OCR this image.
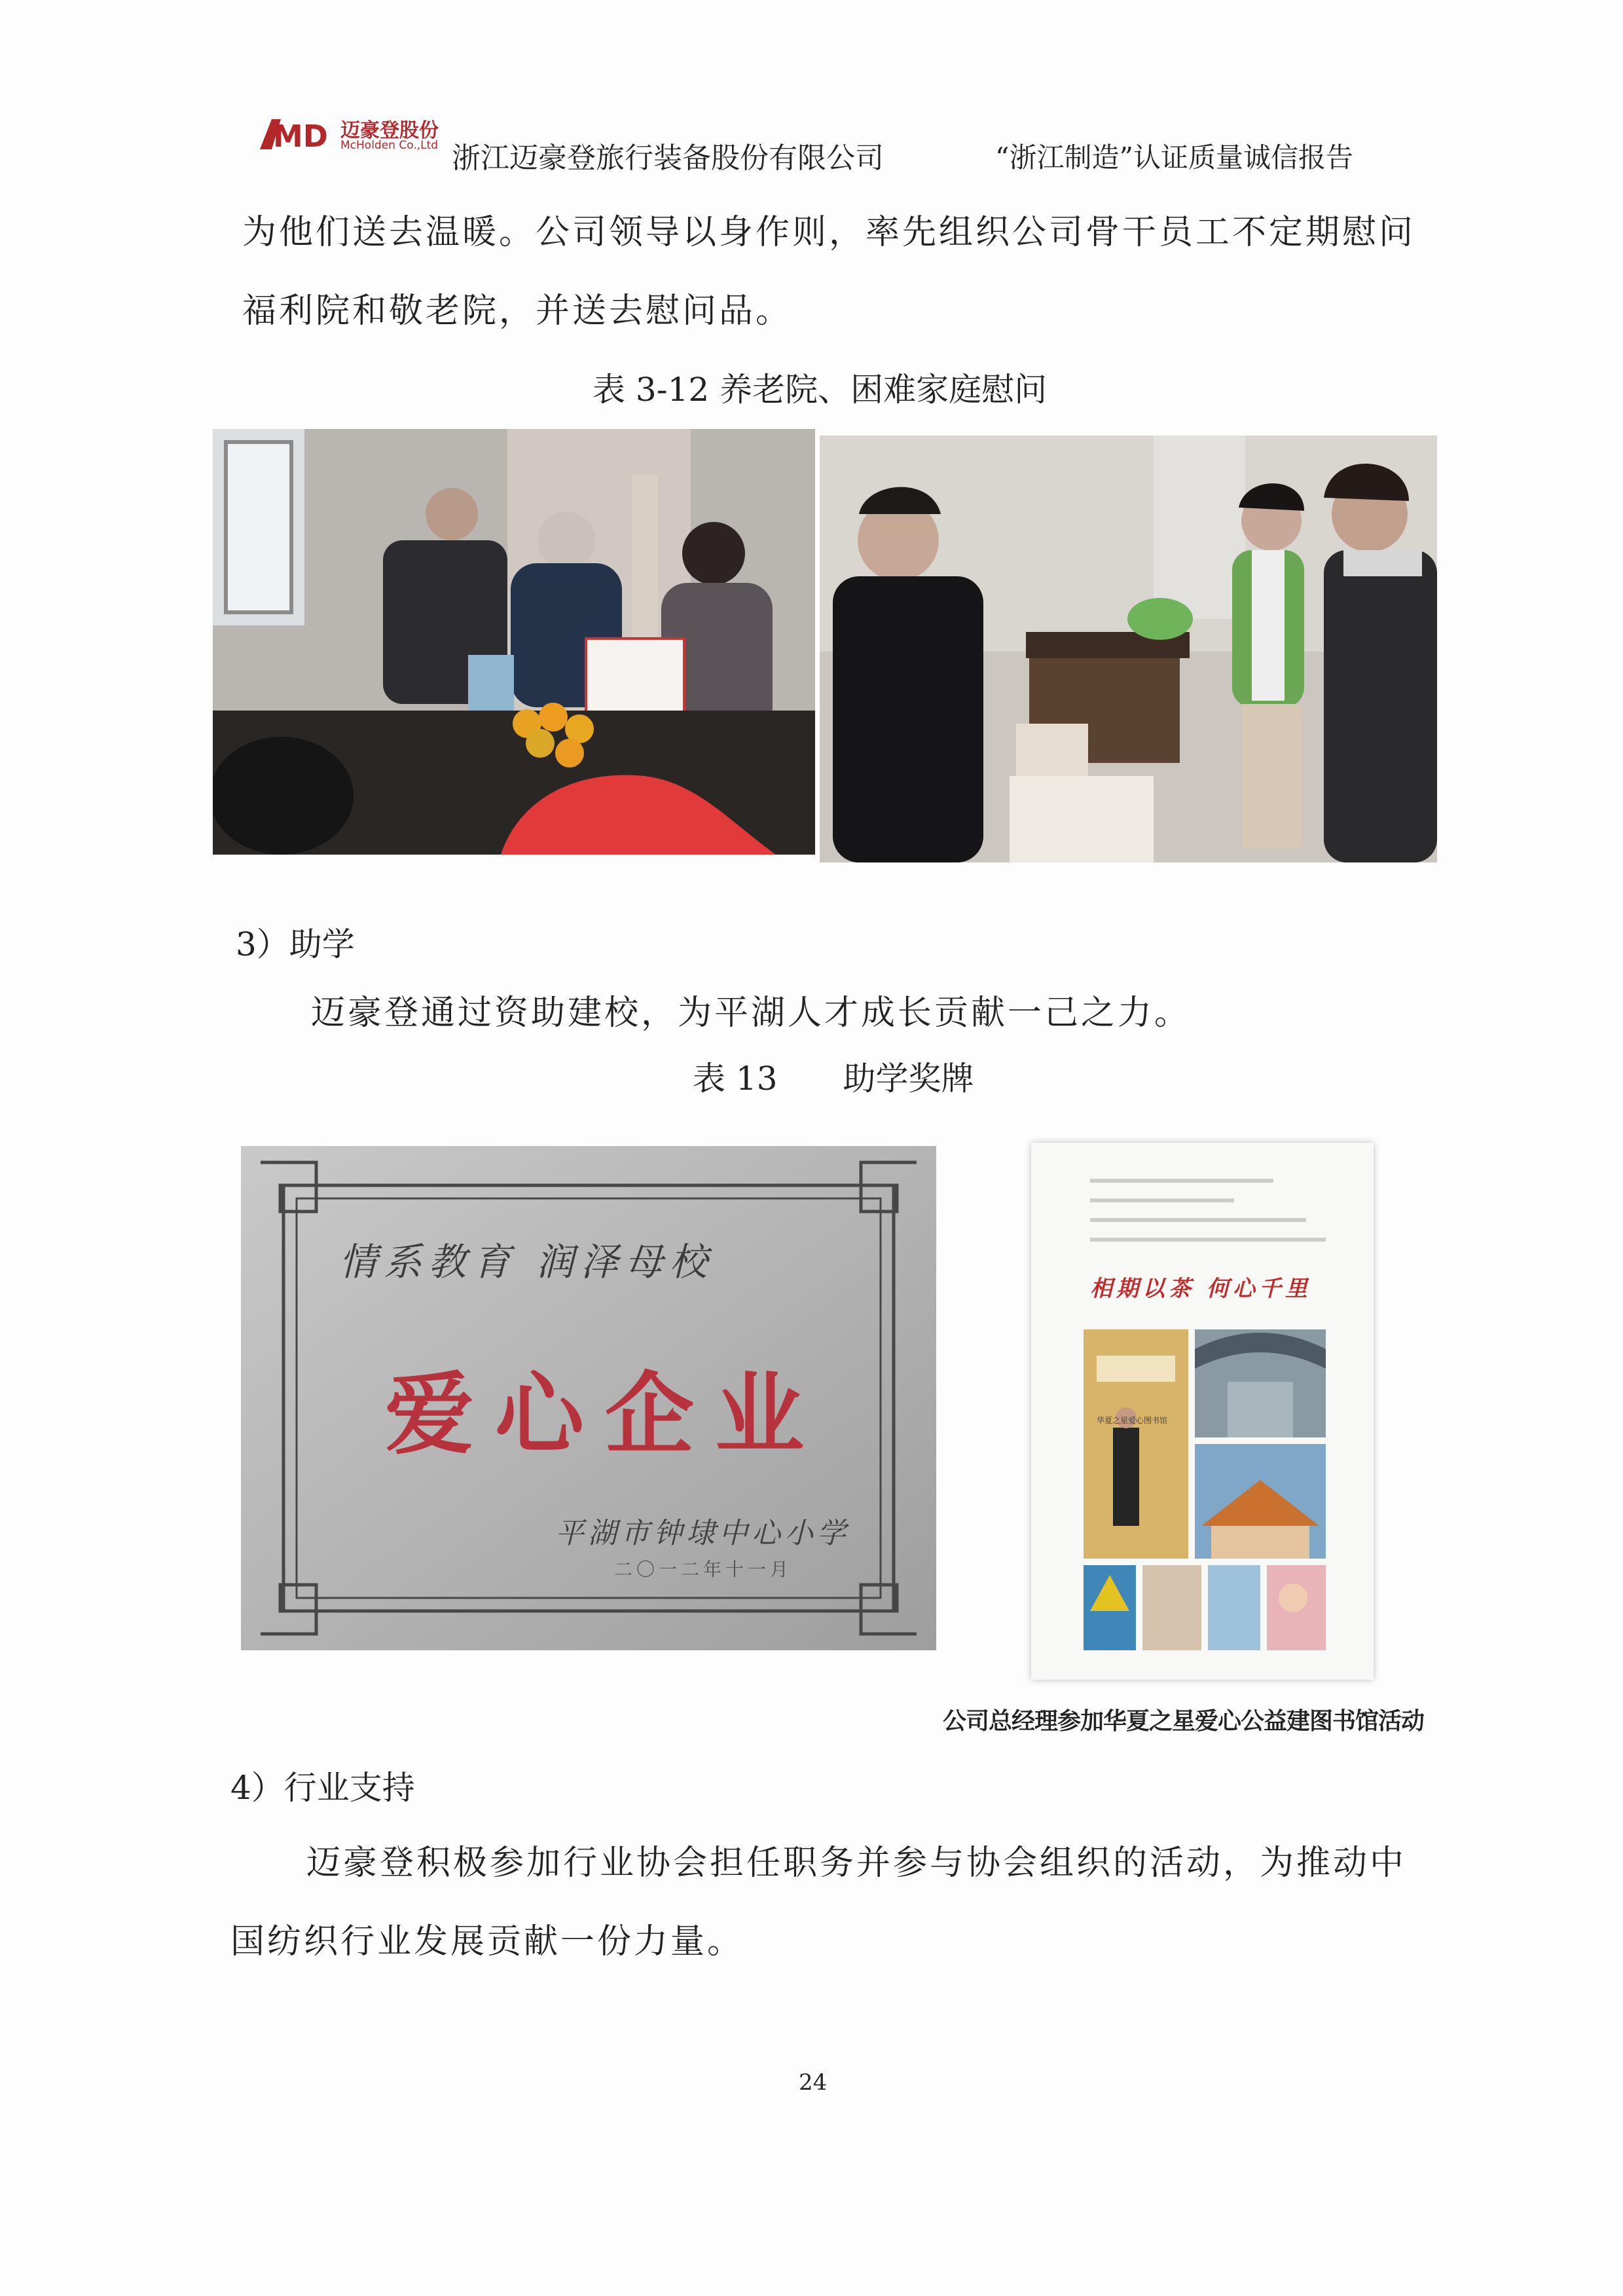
MD 迈豪登股份
McHolden Co.,Ltd 浙江迈豪登旅行装备股份有限公司	“浙江制造”认证质量诚信报告
为他们送去温暖。公司领导以身作则，率先组织公司骨干员工不定期慰问
福利院和敬老院，并送去慰问品。
表 3-12 养老院、困难家庭慰问
3）助学
迈豪登通过资助建校，为平湖人才成长贡献一己之力。
表 13　　助学奖牌
情系教育 润泽母校
爱心企业
平湖市钟埭中心小学
二〇一二年十一月
相期以茶 何心千里
华夏之星爱心图书馆
公司总经理参加华夏之星爱心公益建图书馆活动
4）行业支持
迈豪登积极参加行业协会担任职务并参与协会组织的活动，为推动中
国纺织行业发展贡献一份力量。
24
